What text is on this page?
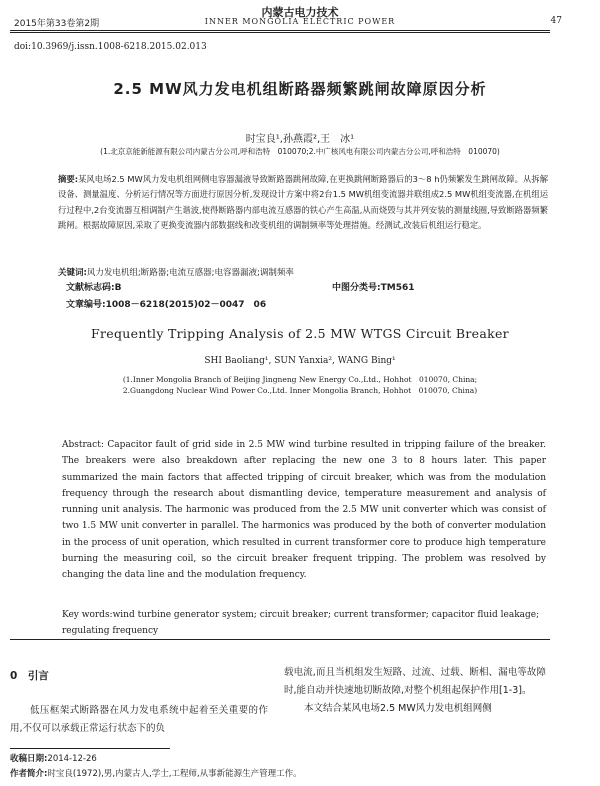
2015年第33卷第2期
内蒙古电力技术
INNER MONGOLIA ELECTRIC POWER	47
doi:10.3969/j.issn.1008-6218.2015.02.013
2.5 MW风力发电机组断路器频繁跳闸故障原因分析
时宝良¹,孙燕霞²,王　冰¹
(1.北京京能新能源有限公司内蒙古分公司,呼和浩特　010070;2.中广核风电有限公司内蒙古分公司,呼和浩特　010070)
摘要:某风电场2.5 MW风力发电机组网侧电容器漏液导致断路器跳闸故障,在更换跳闸断路器后的3～8 h仍频繁发生跳闸故障。从拆解设备、测量温度、分析运行情况等方面进行原因分析,发现设计方案中将2台1.5 MW机组变流器并联组成2.5 MW机组变流器,在机组运行过程中,2台变流器互相调制产生谐波,使得断路器内部电流互感器的铁心产生高温,从而烧毁与其并列安装的测量线圈,导致断路器频繁跳闸。根据故障原因,采取了更换变流器内部数据线和改变机组的调制频率等处理措施。经测试,改装后机组运行稳定。
关键词:风力发电机组;断路器;电流互感器;电容器漏液;调制频率
文献标志码:B	中图分类号:TM561
文章编号:1008－6218(2015)02－0047　06
Frequently Tripping Analysis of 2.5 MW WTGS Circuit Breaker
SHI Baoliang¹, SUN Yanxia², WANG Bing¹
(1.Inner Mongolia Branch of Beijing Jingneng New Energy Co.,Ltd., Hohhot　010070, China;
2.Guangdong Nuclear Wind Power Co.,Ltd. Inner Mongolia Branch, Hohhot　010070, China)
Abstract: Capacitor fault of grid side in 2.5 MW wind turbine resulted in tripping failure of the breaker. The breakers were also breakdown after replacing the new one 3 to 8 hours later. This paper summarized the main factors that affected tripping of circuit breaker, which was from the modulation frequency through the research about dismantling device, temperature measurement and analysis of running unit analysis. The harmonic was produced from the 2.5 MW unit converter which was consist of two 1.5 MW unit converter in parallel. The harmonics was produced by the both of converter modulation in the process of unit operation, which resulted in current transformer core to produce high temperature burning the measuring coil, so the circuit breaker frequent tripping. The problem was resolved by changing the data line and the modulation frequency.
Key words:wind turbine generator system; circuit breaker; current transformer; capacitor fluid leakage; regulating frequency
0　 引言
低压框架式断路器在风力发电系统中起着至关重要的作用,不仅可以承载正常运行状态下的负
载电流,而且当机组发生短路、过流、过载、断相、漏电等故障时,能自动并快速地切断故障,对整个机组起保护作用[1-3]。
本文结合某风电场2.5 MW风力发电机组网侧
收稿日期:2014-12-26
作者简介:时宝良(1972),男,内蒙古人,学士,工程师,从事新能源生产管理工作。
